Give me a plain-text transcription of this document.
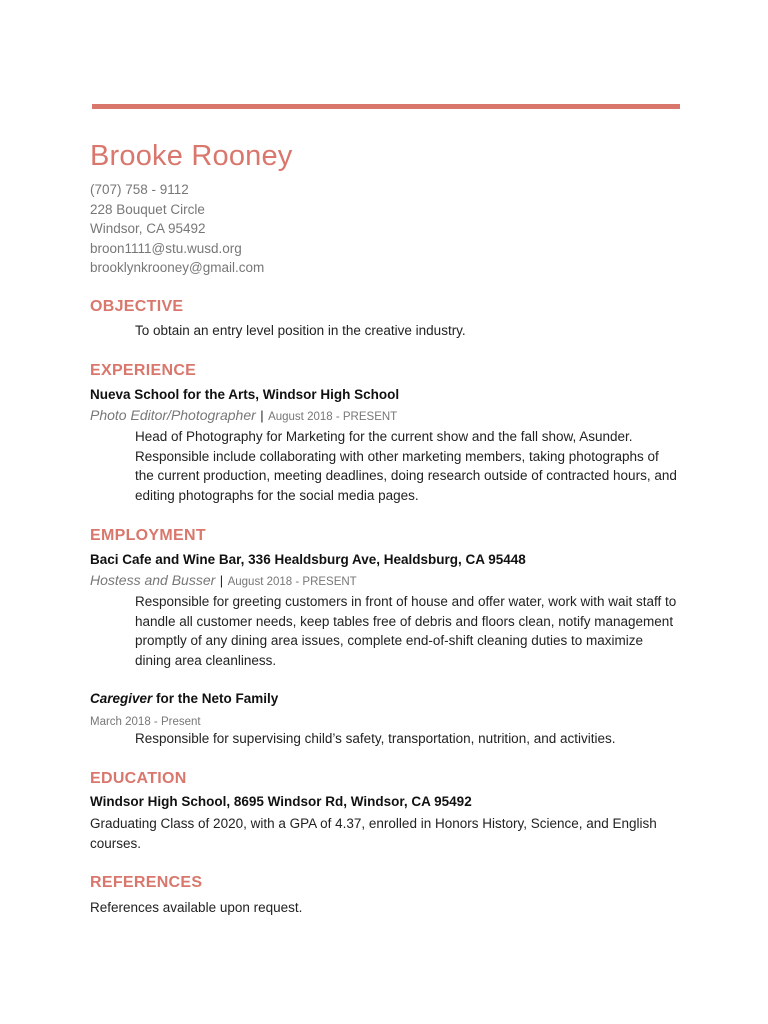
Brooke Rooney
(707) 758 - 9112
228 Bouquet Circle
Windsor, CA 95492
broon1111@stu.wusd.org
brooklynkrooney@gmail.com
OBJECTIVE

To obtain an entry level position in the creative industry.

EXPERIENCE
Nueva School for the Arts, Windsor High School
Photo Editor/Photographer | August 2018 - PRESENT

Head of Photography for Marketing for the current show and the fall show, Asunder. Responsible include collaborating with other marketing members, taking photographs of the current production, meeting deadlines, doing research outside of contracted hours, and editing photographs for the social media pages.

EMPLOYMENT
Baci Cafe and Wine Bar, 336 Healdsburg Ave, Healdsburg, CA 95448
Hostess and Busser | August 2018 - PRESENT

Responsible for greeting customers in front of house and offer water, work with wait staff to handle all customer needs, keep tables free of debris and floors clean, notify management promptly of any dining area issues, complete end-of-shift cleaning duties to maximize dining area cleanliness.

Caregiver for the Neto Family
March 2018 - Present

Responsible for supervising child’s safety, transportation, nutrition, and activities.

EDUCATION
Windsor High School, 8695 Windsor Rd, Windsor, CA 95492

Graduating Class of 2020, with a GPA of 4.37, enrolled in Honors History, Science, and English courses.

REFERENCES

References available upon request.
